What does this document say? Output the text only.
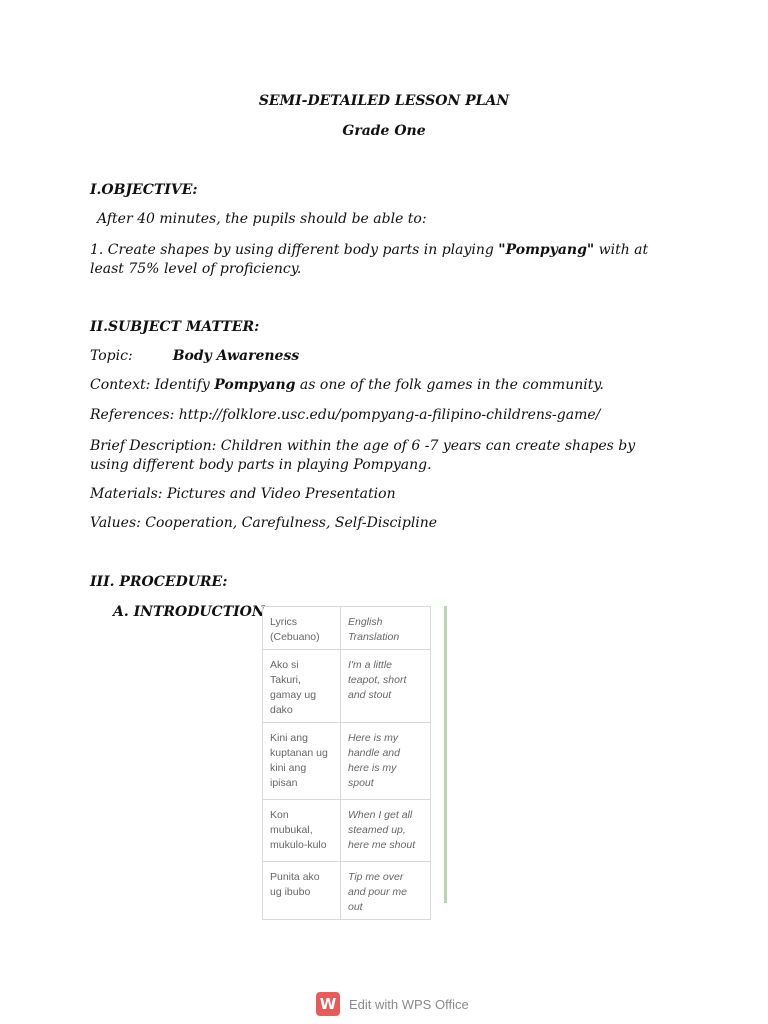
SEMI-DETAILED LESSON PLAN
Grade One
I.OBJECTIVE:
After 40 minutes, the pupils should be able to:
1. Create shapes by using different body parts in playing "Pompyang" with at least 75% level of proficiency.
II.SUBJECT MATTER:
Topic:	Body Awareness
Context: Identify Pompyang as one of the folk games in the community.
References: http://folklore.usc.edu/pompyang-a-filipino-childrens-game/
Brief Description: Children within the age of 6 -7 years can create shapes by using different body parts in playing Pompyang.
Materials: Pictures and Video Presentation
Values: Cooperation, Carefulness, Self-Discipline
III. PROCEDURE:
A. INTRODUCTION
Lyrics (Cebuano)	English Translation
Ako si Takuri, gamay ug dako	I'm a little teapot, short and stout
Kini ang kuptanan ug kini ang ipisan	Here is my handle and here is my spout
Kon mubukal, mukulo-kulo	When I get all steamed up, here me shout
Punita ako ug ibubo	Tip me over and pour me out
W Edit with WPS Office
